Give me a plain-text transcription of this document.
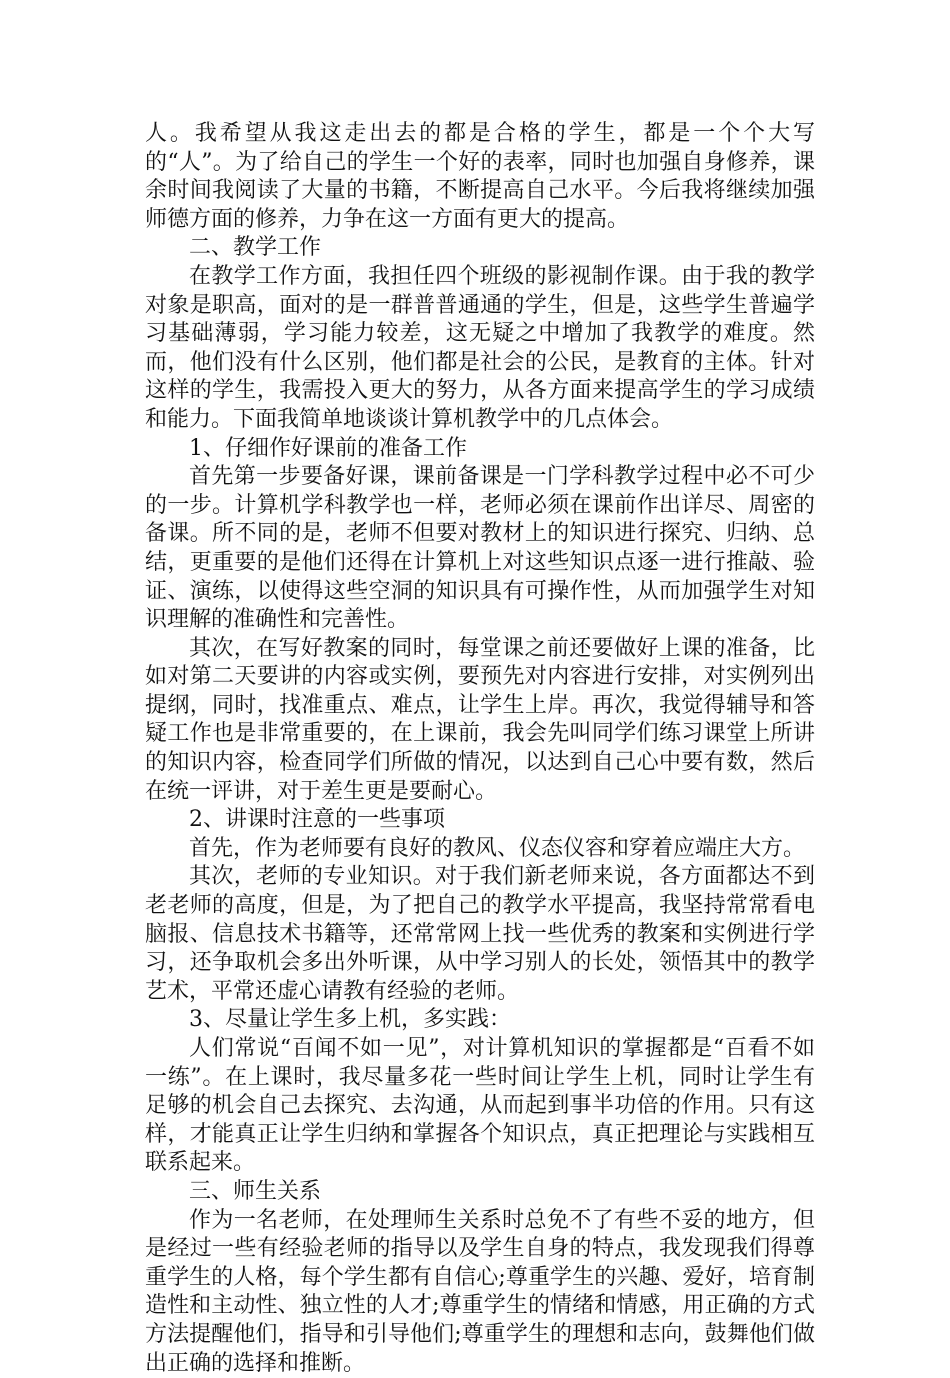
人。我希望从我这走出去的都是合格的学生，都是一个个大写的“人”。为了给自己的学生一个好的表率，同时也加强自身修养，课余时间我阅读了大量的书籍，不断提高自己水平。今后我将继续加强师德方面的修养，力争在这一方面有更大的提高。

二、教学工作

在教学工作方面，我担任四个班级的影视制作课。由于我的教学对象是职高，面对的是一群普普通通的学生，但是，这些学生普遍学习基础薄弱，学习能力较差，这无疑之中增加了我教学的难度。然而，他们没有什么区别，他们都是社会的公民，是教育的主体。针对这样的学生，我需投入更大的努力，从各方面来提高学生的学习成绩和能力。下面我简单地谈谈计算机教学中的几点体会。

1、仔细作好课前的准备工作

首先第一步要备好课，课前备课是一门学科教学过程中必不可少的一步。计算机学科教学也一样，老师必须在课前作出详尽、周密的备课。所不同的是，老师不但要对教材上的知识进行探究、归纳、总结，更重要的是他们还得在计算机上对这些知识点逐一进行推敲、验证、演练，以使得这些空洞的知识具有可操作性，从而加强学生对知识理解的准确性和完善性。

其次，在写好教案的同时，每堂课之前还要做好上课的准备，比如对第二天要讲的内容或实例，要预先对内容进行安排，对实例列出提纲，同时，找准重点、难点，让学生上岸。再次，我觉得辅导和答疑工作也是非常重要的，在上课前，我会先叫同学们练习课堂上所讲的知识内容，检查同学们所做的情况，以达到自己心中要有数，然后在统一评讲，对于差生更是要耐心。

2、讲课时注意的一些事项

首先，作为老师要有良好的教风、仪态仪容和穿着应端庄大方。

其次，老师的专业知识。对于我们新老师来说，各方面都达不到老老师的高度，但是，为了把自己的教学水平提高，我坚持常常看电脑报、信息技术书籍等，还常常网上找一些优秀的教案和实例进行学习，还争取机会多出外听课，从中学习别人的长处，领悟其中的教学艺术，平常还虚心请教有经验的老师。

3、尽量让学生多上机，多实践：

人们常说“百闻不如一见”，对计算机知识的掌握都是“百看不如一练”。在上课时，我尽量多花一些时间让学生上机，同时让学生有足够的机会自己去探究、去沟通，从而起到事半功倍的作用。只有这样，才能真正让学生归纳和掌握各个知识点，真正把理论与实践相互联系起来。

三、师生关系

作为一名老师，在处理师生关系时总免不了有些不妥的地方，但是经过一些有经验老师的指导以及学生自身的特点，我发现我们得尊重学生的人格，每个学生都有自信心;尊重学生的兴趣、爱好，培育制造性和主动性、独立性的人才;尊重学生的情绪和情感，用正确的方式方法提醒他们，指导和引导他们;尊重学生的理想和志向，鼓舞他们做出正确的选择和推断。
